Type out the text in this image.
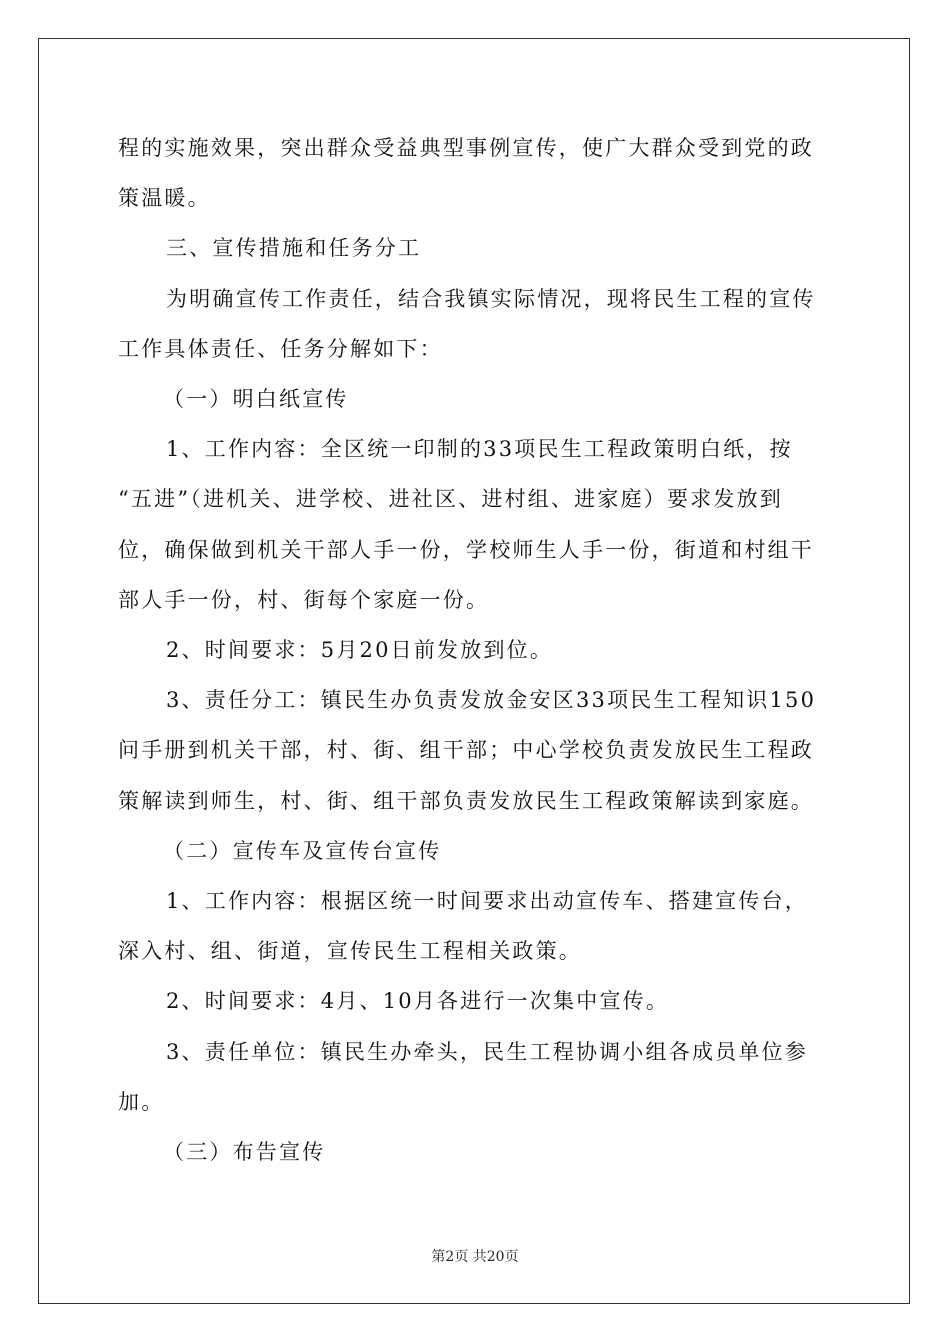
程的实施效果，突出群众受益典型事例宣传，使广大群众受到党的政

策温暖。

三、宣传措施和任务分工

为明确宣传工作责任，结合我镇实际情况，现将民生工程的宣传

工作具体责任、任务分解如下：

（一）明白纸宣传

1、工作内容：全区统一印制的33项民生工程政策明白纸，按

“五进”（进机关、进学校、进社区、进村组、进家庭）要求发放到

位，确保做到机关干部人手一份，学校师生人手一份，街道和村组干

部人手一份，村、街每个家庭一份。

2、时间要求：5月20日前发放到位。

3、责任分工：镇民生办负责发放金安区33项民生工程知识150

问手册到机关干部，村、街、组干部；中心学校负责发放民生工程政

策解读到师生，村、街、组干部负责发放民生工程政策解读到家庭。

（二）宣传车及宣传台宣传

1、工作内容：根据区统一时间要求出动宣传车、搭建宣传台，

深入村、组、街道，宣传民生工程相关政策。

2、时间要求：4月、10月各进行一次集中宣传。

3、责任单位：镇民生办牵头，民生工程协调小组各成员单位参

加。

（三）布告宣传

第2页 共20页
